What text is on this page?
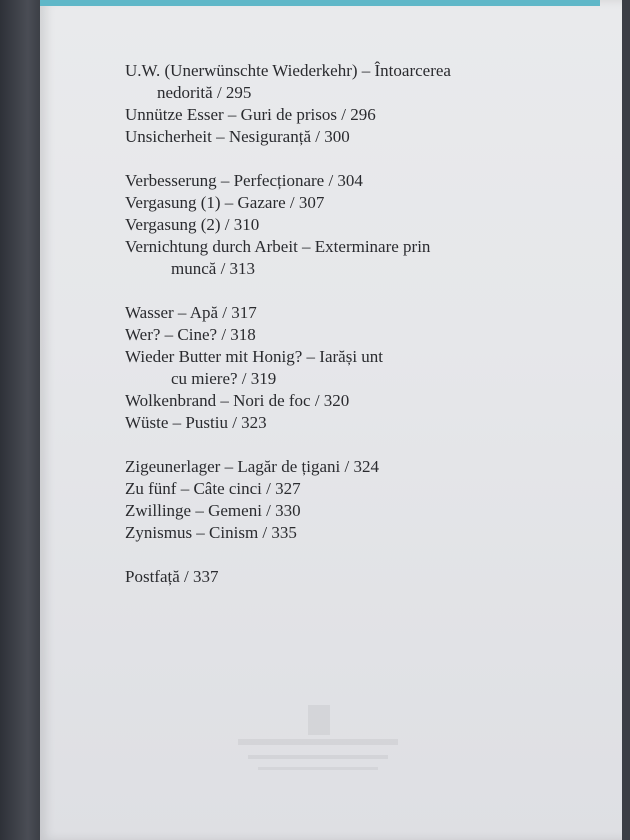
U.W. (Unerwünschte Wiederkehr) – Întoarcerea
nedorită / 295

Unnütze Esser – Guri de prisos / 296

Unsicherheit – Nesiguranță / 300

Verbesserung – Perfecționare / 304

Vergasung (1) – Gazare / 307

Vergasung (2) / 310

Vernichtung durch Arbeit – Exterminare prin
muncă / 313

Wasser – Apă / 317

Wer? – Cine? / 318

Wieder Butter mit Honig? – Iarăși unt
cu miere? / 319

Wolkenbrand – Nori de foc / 320

Wüste – Pustiu / 323

Zigeunerlager – Lagăr de țigani / 324

Zu fünf – Câte cinci / 327

Zwillinge – Gemeni / 330

Zynismus – Cinism / 335

Postfață / 337
